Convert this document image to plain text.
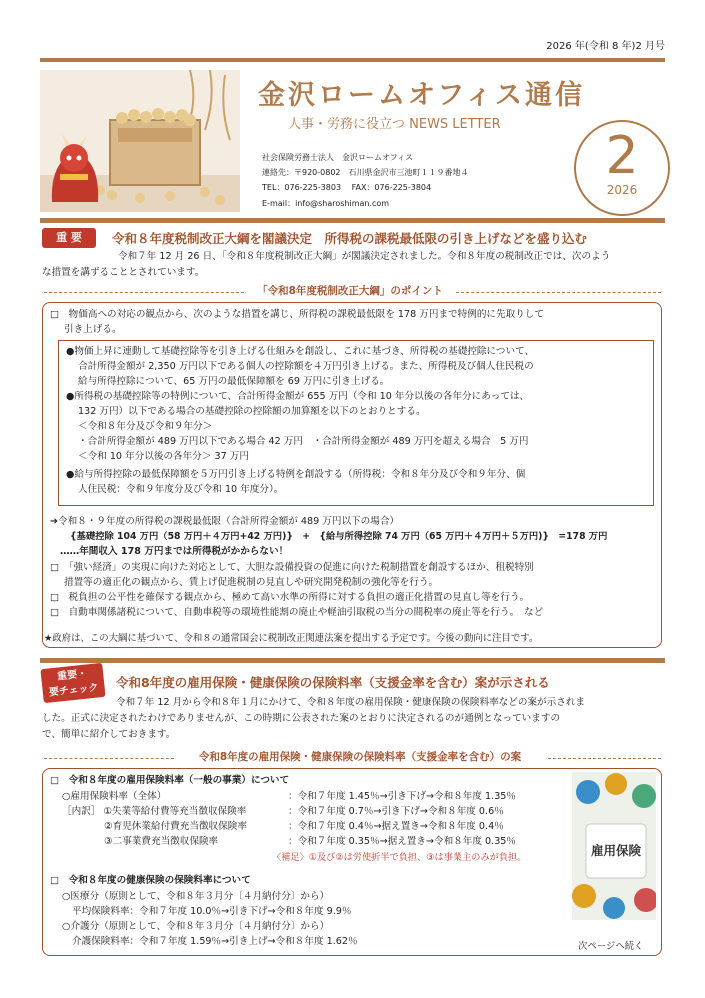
2026 年(令和 8 年)2 月号
金沢ロームオフィス通信
人事・労務に役立つ NEWS LETTER
社会保険労務士法人　金沢ロームオフィス
連絡先：〒920-0802　石川県金沢市三池町１１９番地４
TEL：076-225-3803　 FAX：076-225-3804
E-mail：info@sharoshiman.com
2
2026
重 要	令和８年度税制改正大綱を閣議決定　所得税の課税最低限の引き上げなどを盛り込む
令和７年 12 月 26 日、「令和８年度税制改正大綱」が閣議決定されました。令和８年度の税制改正では、次のよう
な措置を講ずることとされています。
「令和8年度税制改正大綱」のポイント
□　物価高への対応の観点から、次のような措置を講じ、所得税の課税最低限を 178 万円まで特例的に先取りして
引き上げる。
●物価上昇に連動して基礎控除等を引き上げる仕組みを創設し、これに基づき、所得税の基礎控除について、
合計所得金額が 2,350 万円以下である個人の控除額を４万円引き上げる。また、所得税及び個人住民税の
給与所得控除について、65 万円の最低保障額を 69 万円に引き上げる。
●所得税の基礎控除等の特例について、合計所得金額が 655 万円（令和 10 年分以後の各年分にあっては、
132 万円）以下である場合の基礎控除の控除額の加算額を以下のとおりとする。
＜令和８年分及び令和９年分＞
・合計所得金額が 489 万円以下である場合 42 万円　・合計所得金額が 489 万円を超える場合　5 万円
＜令和 10 年分以後の各年分＞ 37 万円
●給与所得控除の最低保障額を５万円引き上げる特例を創設する（所得税：令和８年分及び令和９年分、個
人住民税：令和９年度分及び令和 10 年度分）。
➔令和８・９年度の所得税の課税最低限（合計所得金額が 489 万円以下の場合）
{基礎控除 104 万円（58 万円＋４万円+42 万円)}　+　{給与所得控除 74 万円（65 万円＋４万円＋５万円)}　=178 万円
……年間収入 178 万円までは所得税がかからない！
□　「強い経済」の実現に向けた対応として、大胆な設備投資の促進に向けた税制措置を創設するほか、租税特別
措置等の適正化の観点から、賃上げ促進税制の見直しや研究開発税制の強化等を行う。
□　税負担の公平性を確保する観点から、極めて高い水準の所得に対する負担の適正化措置の見直し等を行う。
□　自動車関係諸税について、自動車税等の環境性能割の廃止や軽油引取税の当分の間税率の廃止等を行う。　など
★政府は、この大綱に基づいて、令和８の通常国会に税制改正関連法案を提出する予定です。今後の動向に注目です。
重要・
要チェック	令和8年度の雇用保険・健康保険の保険料率（支援金率を含む）案が示される
令和７年 12 月から令和８年１月にかけて、令和８年度の雇用保険・健康保険の保険料率などの案が示されま
した。正式に決定されたわけでありませんが、この時期に公表された案のとおりに決定されるのが通例となっていますの
で、簡単に紹介しておきます。
令和8年度の雇用保険・健康保険の保険料率（支援金率を含む）の案
□　令和８年度の雇用保険料率（一般の事業）について
○雇用保険料率（全体）	：令和７年度 1.45％→引き下げ→令和８年度 1.35％
［内訳］ ①失業等給付費等充当徴収保険率	：令和７年度 0.7％→引き下げ→令和８年度 0.6％
②育児休業給付費充当徴収保険率	：令和７年度 0.4％→据え置き→令和８年度 0.4％
③二事業費充当徴収保険率	：令和７年度 0.35％→据え置き→令和８年度 0.35％
〈補足〉①及び②は労使折半で負担、③は事業主のみが負担。
□　令和８年度の健康保険の保険料率について
○医療分（原則として、令和８年３月分〔４月納付分〕から）
平均保険料率：令和７年度 10.0％→引き下げ→令和８年度 9.9％
○介護分（原則として、令和８年３月分〔４月納付分〕から）
介護保険料率：令和７年度 1.59％→引き上げ→令和８年度 1.62％
雇用保険
次ページへ続く
